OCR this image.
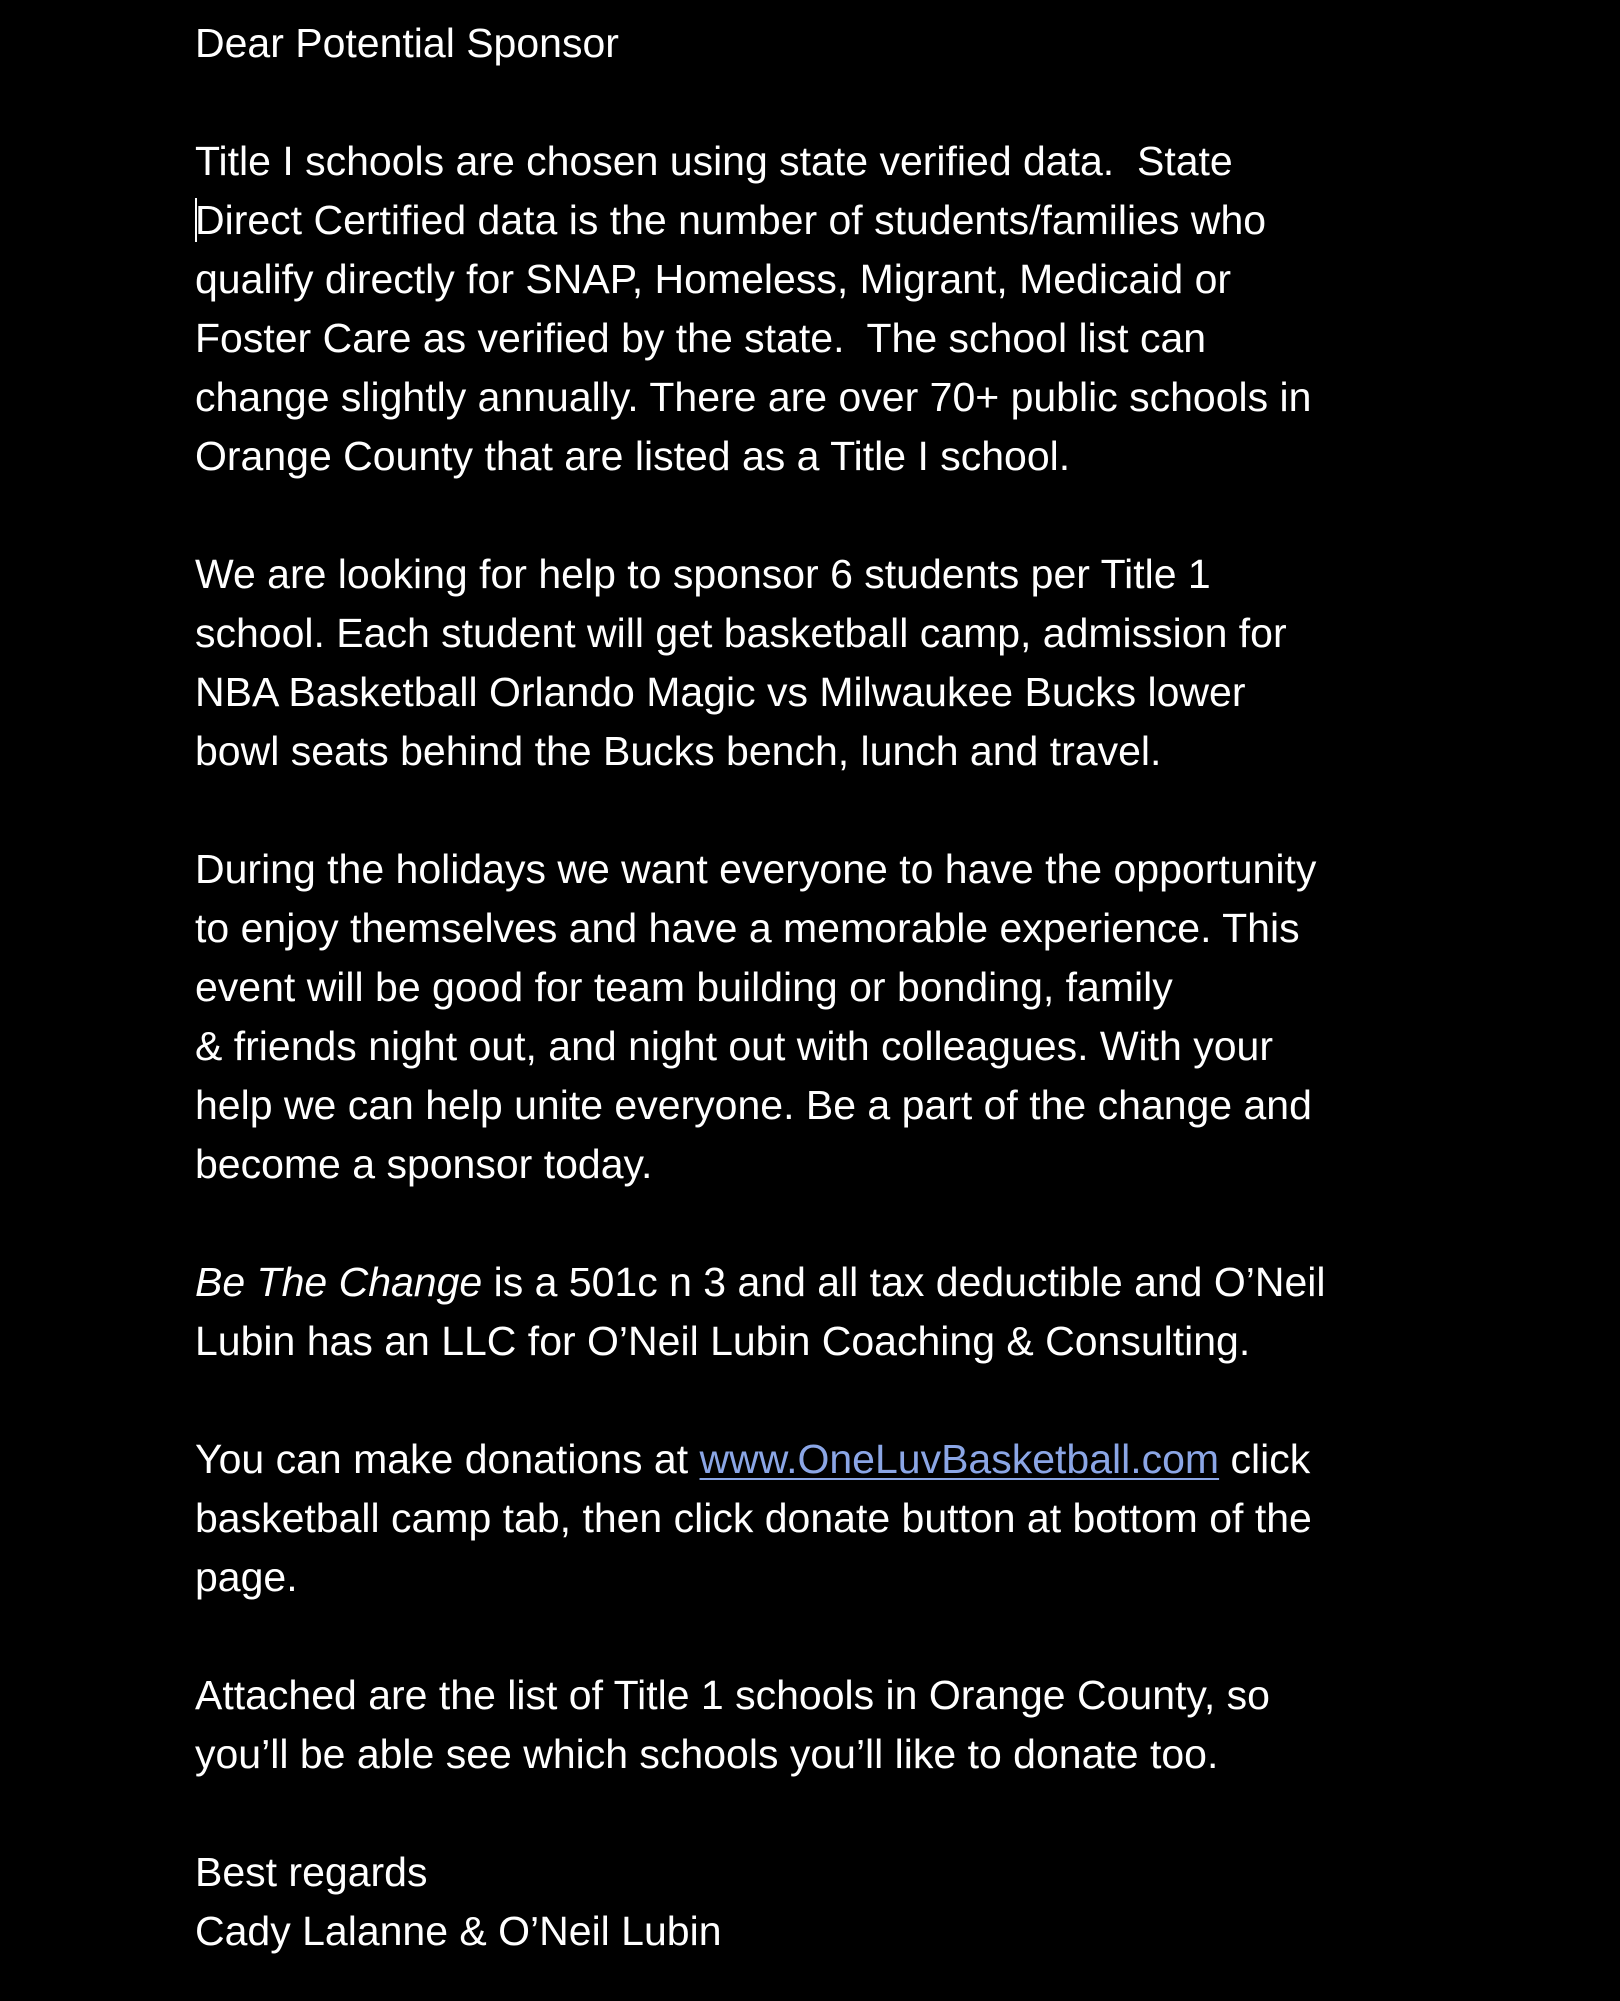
Dear Potential Sponsor

Title I schools are chosen using state verified data.  State
Direct Certified data is the number of students/families who
qualify directly for SNAP, Homeless, Migrant, Medicaid or
Foster Care as verified by the state.  The school list can
change slightly annually. There are over 70+ public schools in
Orange County that are listed as a Title I school.

We are looking for help to sponsor 6 students per Title 1
school. Each student will get basketball camp, admission for
NBA Basketball Orlando Magic vs Milwaukee Bucks lower
bowl seats behind the Bucks bench, lunch and travel.

During the holidays we want everyone to have the opportunity
to enjoy themselves and have a memorable experience. This
event will be good for team building or bonding, family
& friends night out, and night out with colleagues. With your
help we can help unite everyone. Be a part of the change and
become a sponsor today.

Be The Change is a 501c n 3 and all tax deductible and O’Neil
Lubin has an LLC for O’Neil Lubin Coaching & Consulting.

You can make donations at www.OneLuvBasketball.com click
basketball camp tab, then click donate button at bottom of the
page.

Attached are the list of Title 1 schools in Orange County, so
you’ll be able see which schools you’ll like to donate too.

Best regards
Cady Lalanne & O’Neil Lubin
